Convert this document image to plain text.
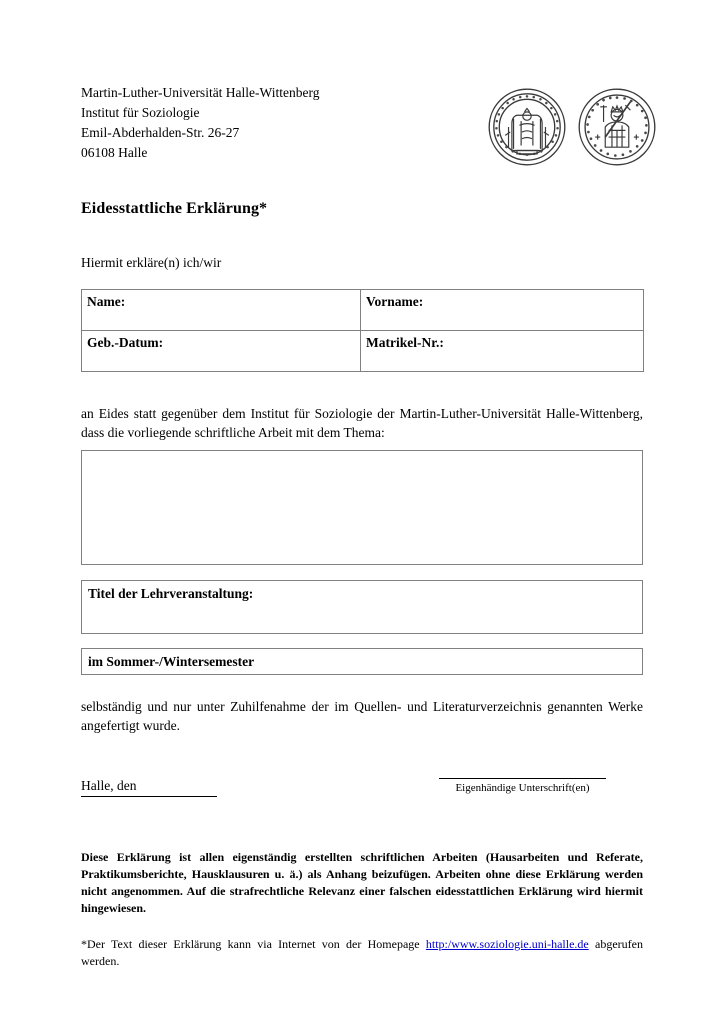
Martin-Luther-Universität Halle-Wittenberg
Institut für Soziologie
Emil-Abderhalden-Str. 26-27
06108 Halle
Eidesstattliche Erklärung*
Hiermit erkläre(n) ich/wir
Name:	Vorname:
Geb.-Datum:	Matrikel-Nr.:
an Eides statt gegenüber dem Institut für Soziologie der Martin-Luther-Universität Halle-Wittenberg, dass die vorliegende schriftliche Arbeit mit dem Thema:
Titel der Lehrveranstaltung:
im Sommer-/Wintersemester
selbständig und nur unter Zuhilfenahme der im Quellen- und Literaturverzeichnis genannten Werke angefertigt wurde.
Halle, den	Eigenhändige Unterschrift(en)
Diese Erklärung ist allen eigenständig erstellten schriftlichen Arbeiten (Hausarbeiten und Referate, Praktikumsberichte, Hausklausuren u. ä.) als Anhang beizufügen. Arbeiten ohne diese Erklärung werden nicht angenommen. Auf die strafrechtliche Relevanz einer falschen eidesstattlichen Erklärung wird hiermit hingewiesen.
*Der Text dieser Erklärung kann via Internet von der Homepage http:/www.soziologie.uni-halle.de abgerufen werden.
